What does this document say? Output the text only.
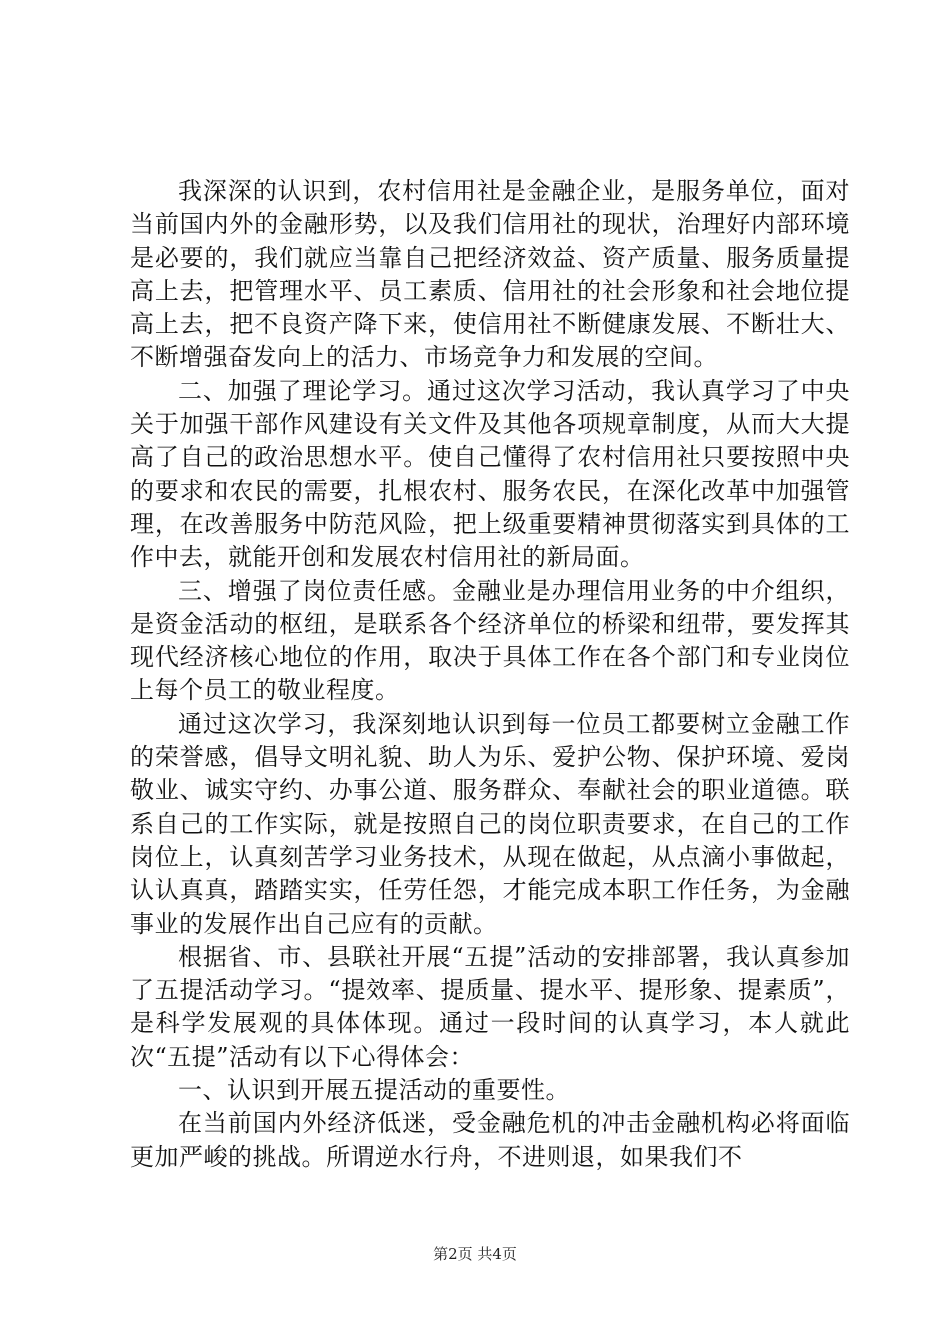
我深深的认识到，农村信用社是金融企业，是服务单位，面对当前国内外的金融形势，以及我们信用社的现状，治理好内部环境是必要的，我们就应当靠自己把经济效益、资产质量、服务质量提高上去，把管理水平、员工素质、信用社的社会形象和社会地位提高上去，把不良资产降下来，使信用社不断健康发展、不断壮大、不断增强奋发向上的活力、市场竞争力和发展的空间。

二、加强了理论学习。通过这次学习活动，我认真学习了中央关于加强干部作风建设有关文件及其他各项规章制度，从而大大提高了自己的政治思想水平。使自己懂得了农村信用社只要按照中央的要求和农民的需要，扎根农村、服务农民，在深化改革中加强管理，在改善服务中防范风险，把上级重要精神贯彻落实到具体的工作中去，就能开创和发展农村信用社的新局面。

三、增强了岗位责任感。金融业是办理信用业务的中介组织，是资金活动的枢纽，是联系各个经济单位的桥梁和纽带，要发挥其现代经济核心地位的作用，取决于具体工作在各个部门和专业岗位上每个员工的敬业程度。

通过这次学习，我深刻地认识到每一位员工都要树立金融工作的荣誉感，倡导文明礼貌、助人为乐、爱护公物、保护环境、爱岗敬业、诚实守约、办事公道、服务群众、奉献社会的职业道德。联系自己的工作实际，就是按照自己的岗位职责要求，在自己的工作岗位上，认真刻苦学习业务技术，从现在做起，从点滴小事做起，认认真真，踏踏实实，任劳任怨，才能完成本职工作任务，为金融事业的发展作出自己应有的贡献。

根据省、市、县联社开展“五提”活动的安排部署，我认真参加了五提活动学习。“提效率、提质量、提水平、提形象、提素质”，是科学发展观的具体体现。通过一段时间的认真学习，本人就此次“五提”活动有以下心得体会：

一、认识到开展五提活动的重要性。

在当前国内外经济低迷，受金融危机的冲击金融机构必将面临更加严峻的挑战。所谓逆水行舟，不进则退，如果我们不

第2页 共4页
